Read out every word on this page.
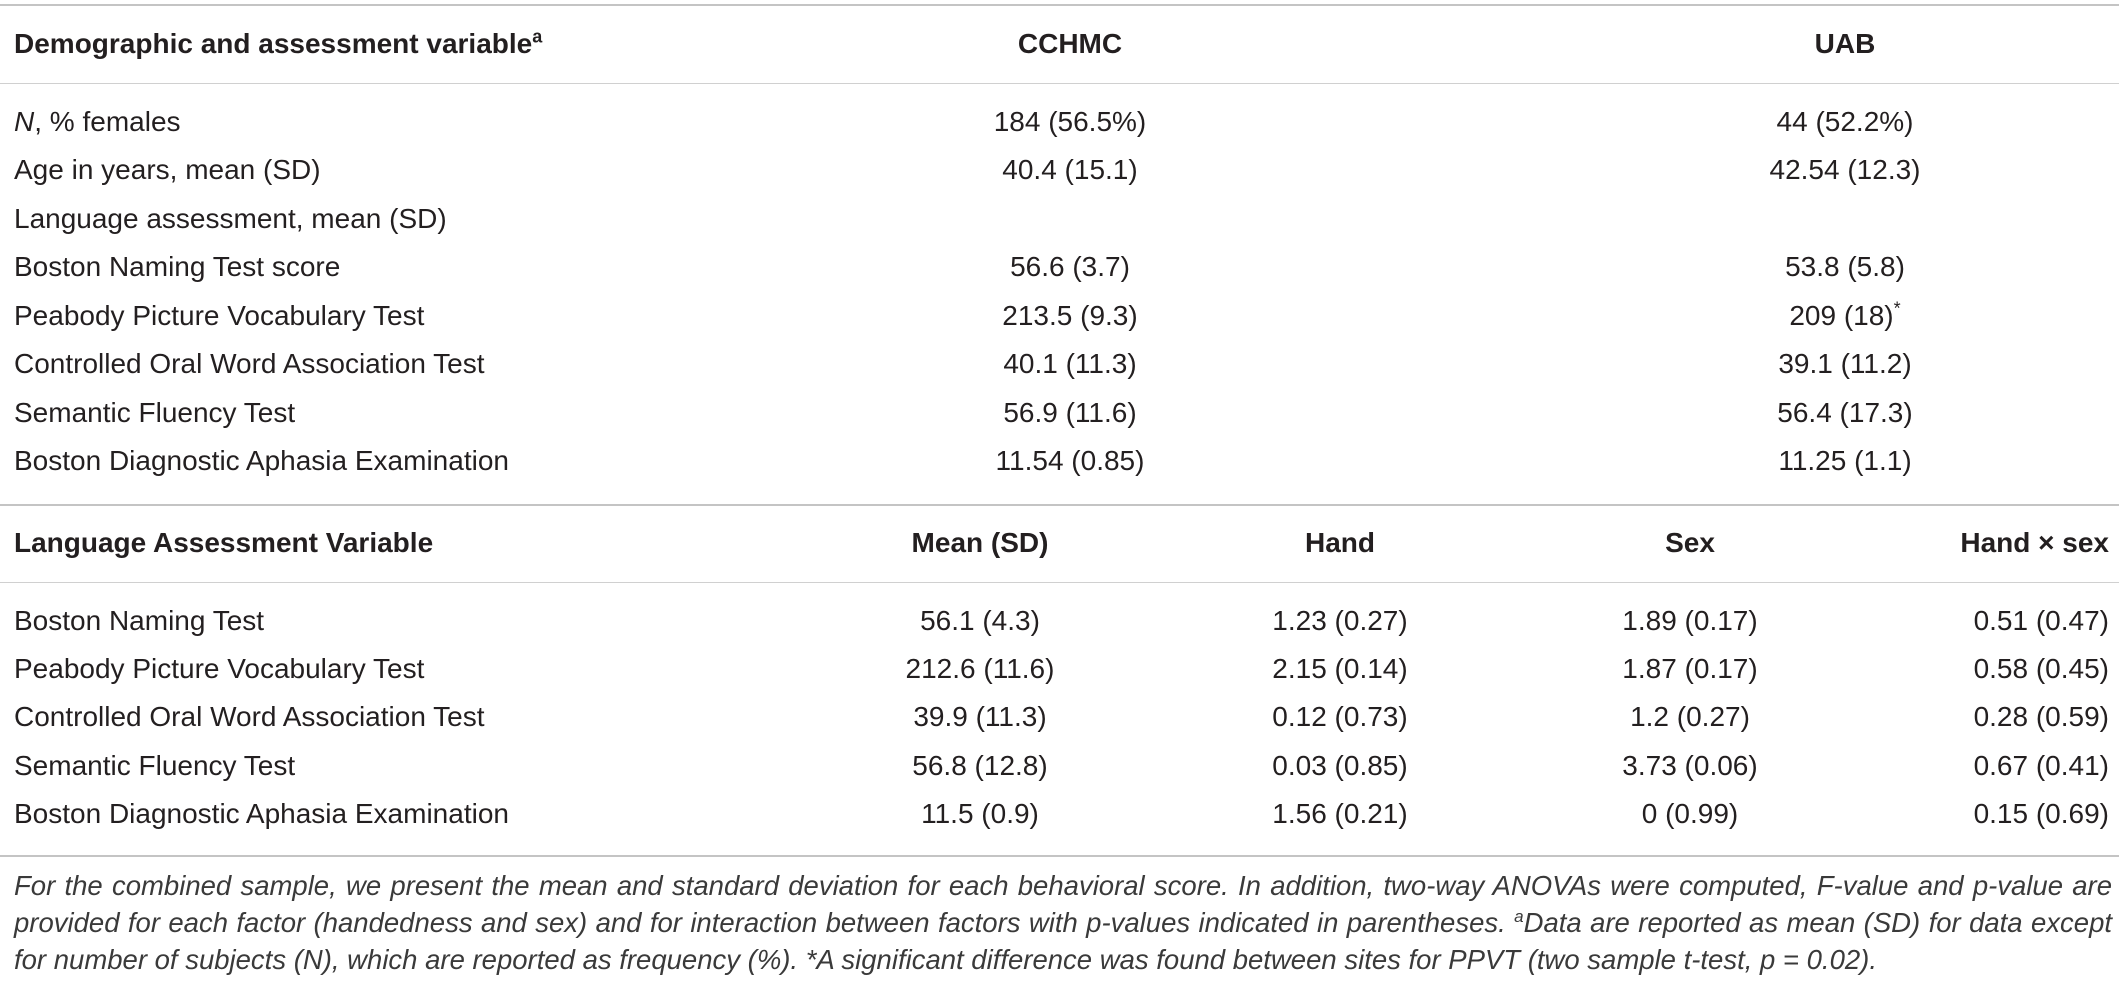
Demographic and assessment variable$^a$	CCHMC	UAB
N, % females	184 (56.5%)	44 (52.2%)
Age in years, mean (SD)	40.4 (15.1)	42.54 (12.3)
Language assessment, mean (SD)
Boston Naming Test score	56.6 (3.7)	53.8 (5.8)
Peabody Picture Vocabulary Test	213.5 (9.3)	209 (18)*
Controlled Oral Word Association Test	40.1 (11.3)	39.1 (11.2)
Semantic Fluency Test	56.9 (11.6)	56.4 (17.3)
Boston Diagnostic Aphasia Examination	11.54 (0.85)	11.25 (1.1)
Language Assessment Variable	Mean (SD)	Hand	Sex	Hand × sex
Boston Naming Test	56.1 (4.3)	1.23 (0.27)	1.89 (0.17)	0.51 (0.47)
Peabody Picture Vocabulary Test	212.6 (11.6)	2.15 (0.14)	1.87 (0.17)	0.58 (0.45)
Controlled Oral Word Association Test	39.9 (11.3)	0.12 (0.73)	1.2 (0.27)	0.28 (0.59)
Semantic Fluency Test	56.8 (12.8)	0.03 (0.85)	3.73 (0.06)	0.67 (0.41)
Boston Diagnostic Aphasia Examination	11.5 (0.9)	1.56 (0.21)	0 (0.99)	0.15 (0.69)
For the combined sample, we present the mean and standard deviation for each behavioral score. In addition, two-way ANOVAs were computed, F-value and p-value are provided for each factor (handedness and sex) and for interaction between factors with p-values indicated in parentheses. $^a$Data are reported as mean (SD) for data except for number of subjects (N), which are reported as frequency (%). *A significant difference was found between sites for PPVT (two sample t-test, p = 0.02).
